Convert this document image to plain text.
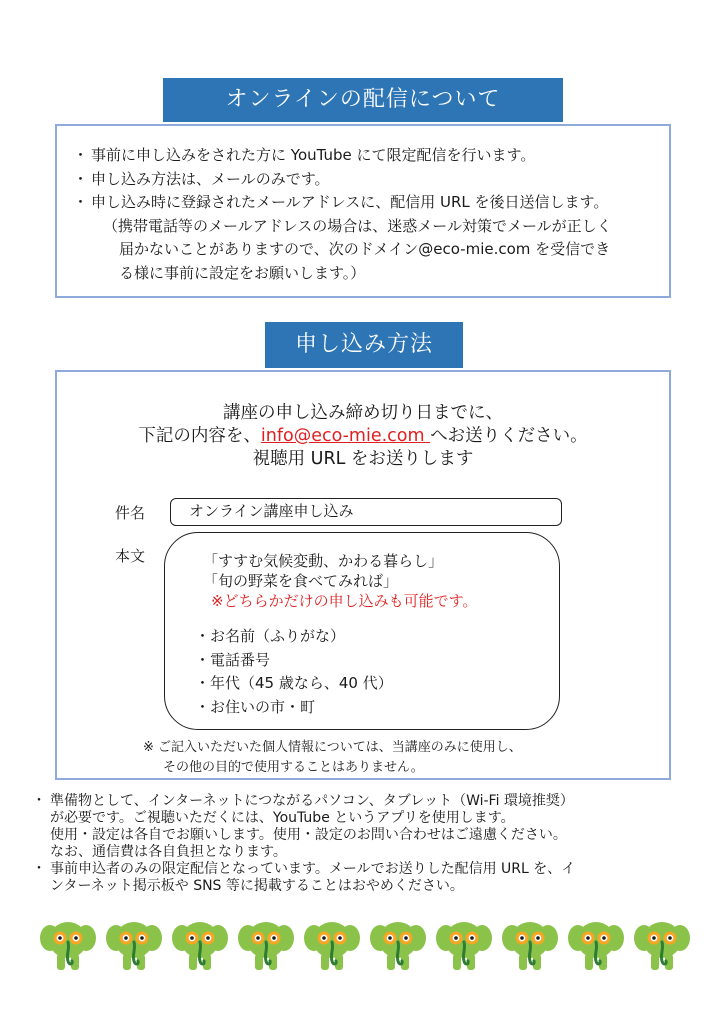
オンラインの配信について
・ 事前に申し込みをされた方に YouTube にて限定配信を行います。
・ 申し込み方法は、メールのみです。
・ 申し込み時に登録されたメールアドレスに、配信用 URL を後日送信します。
（携帯電話等のメールアドレスの場合は、迷惑メール対策でメールが正しく
届かないことがありますので、次のドメイン@eco-mie.com を受信でき
る様に事前に設定をお願いします。）
申し込み方法
講座の申し込み締め切り日までに、
下記の内容を、info@eco-mie.com へお送りください。
視聴用 URL をお送りします
件名	オンライン講座申し込み
本文	「すすむ気候変動、かわる暮らし」
「旬の野菜を食べてみれば」
※どちらかだけの申し込みも可能です。
・お名前（ふりがな）
・電話番号
・年代（45 歳なら、40 代）
・お住いの市・町
※ ご記入いただいた個人情報については、当講座のみに使用し、
その他の目的で使用することはありません。
・ 準備物として、インターネットにつながるパソコン、タブレット（Wi-Fi 環境推奨）
が必要です。ご視聴いただくには、YouTube というアプリを使用します。
使用・設定は各自でお願いします。使用・設定のお問い合わせはご遠慮ください。
なお、通信費は各自負担となります。
・ 事前申込者のみの限定配信となっています。メールでお送りした配信用 URL を、イ
ンターネット掲示板や SNS 等に掲載することはおやめください。
